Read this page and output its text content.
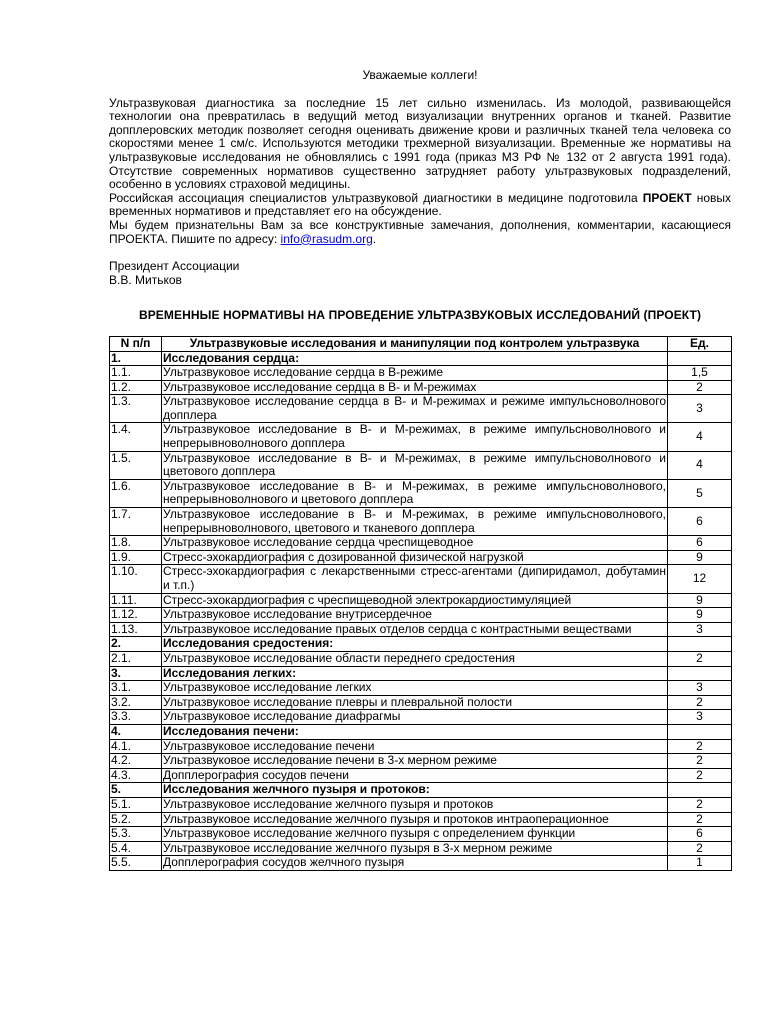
Уважаемые коллеги!

Ультразвуковая диагностика за последние 15 лет сильно изменилась. Из молодой, развивающейся технологии она превратилась в ведущий метод визуализации внутренних органов и тканей. Развитие допплеровских методик позволяет сегодня оценивать движение крови и различных тканей тела человека со скоростями менее 1 см/с. Используются методики трехмерной визуализации. Временные же нормативы на ультразвуковые исследования не обновлялись с 1991 года (приказ МЗ РФ № 132 от 2 августа 1991 года). Отсутствие современных нормативов существенно затрудняет работу ультразвуковых подразделений, особенно в условиях страховой медицины.

Российская ассоциация специалистов ультразвуковой диагностики в медицине подготовила ПРОЕКТ новых временных нормативов и представляет его на обсуждение.

Мы будем признательны Вам за все конструктивные замечания, дополнения, комментарии, касающиеся ПРОЕКТА. Пишите по адресу: info@rasudm.org.

Президент Ассоциации

В.В. Митьков

ВРЕМЕННЫЕ НОРМАТИВЫ НА ПРОВЕДЕНИЕ УЛЬТРАЗВУКОВЫХ ИССЛЕДОВАНИЙ (ПРОЕКТ)

N п/п	Ультразвуковые исследования и манипуляции под контролем ультразвука	Ед.
1.	Исследования сердца:	
1.1.	Ультразвуковое исследование сердца в В-режиме	1,5
1.2.	Ультразвуковое исследование сердца в В- и М-режимах	2
1.3.	Ультразвуковое исследование сердца в В- и М-режимах и режиме импульсноволнового допплера	3
1.4.	Ультразвуковое исследование в В- и М-режимах, в режиме импульсноволнового и непрерывноволнового допплера	4
1.5.	Ультразвуковое исследование в В- и М-режимах, в режиме импульсноволнового и цветового допплера	4
1.6.	Ультразвуковое исследование в В- и М-режимах, в режиме импульсноволнового, непрерывноволнового и цветового допплера	5
1.7.	Ультразвуковое исследование в В- и М-режимах, в режиме импульсноволнового, непрерывноволнового, цветового и тканевого допплера	6
1.8.	Ультразвуковое исследование сердца чреспищеводное	6
1.9.	Стресс-эхокардиография с дозированной физической нагрузкой	9
1.10.	Стресс-эхокардиография с лекарственными стресс-агентами (дипиридамол, добутамин и т.п.)	12
1.11.	Стресс-эхокардиография с чреспищеводной электрокардиостимуляцией	9
1.12.	Ультразвуковое исследование внутрисердечное	9
1.13.	Ультразвуковое исследование правых отделов сердца с контрастными веществами	3
2.	Исследования средостения:	
2.1.	Ультразвуковое исследование области переднего средостения	2
3.	Исследования легких:	
3.1.	Ультразвуковое исследование легких	3
3.2.	Ультразвуковое исследование плевры и плевральной полости	2
3.3.	Ультразвуковое исследование диафрагмы	3
4.	Исследования печени:	
4.1.	Ультразвуковое исследование печени	2
4.2.	Ультразвуковое исследование печени в 3-х мерном режиме	2
4.3.	Допплерография сосудов печени	2
5.	Исследования желчного пузыря и протоков:	
5.1.	Ультразвуковое исследование желчного пузыря и протоков	2
5.2.	Ультразвуковое исследование желчного пузыря и протоков интраоперационное	2
5.3.	Ультразвуковое исследование желчного пузыря с определением функции	6
5.4.	Ультразвуковое исследование желчного пузыря в 3-х мерном режиме	2
5.5.	Допплерография сосудов желчного пузыря	1
